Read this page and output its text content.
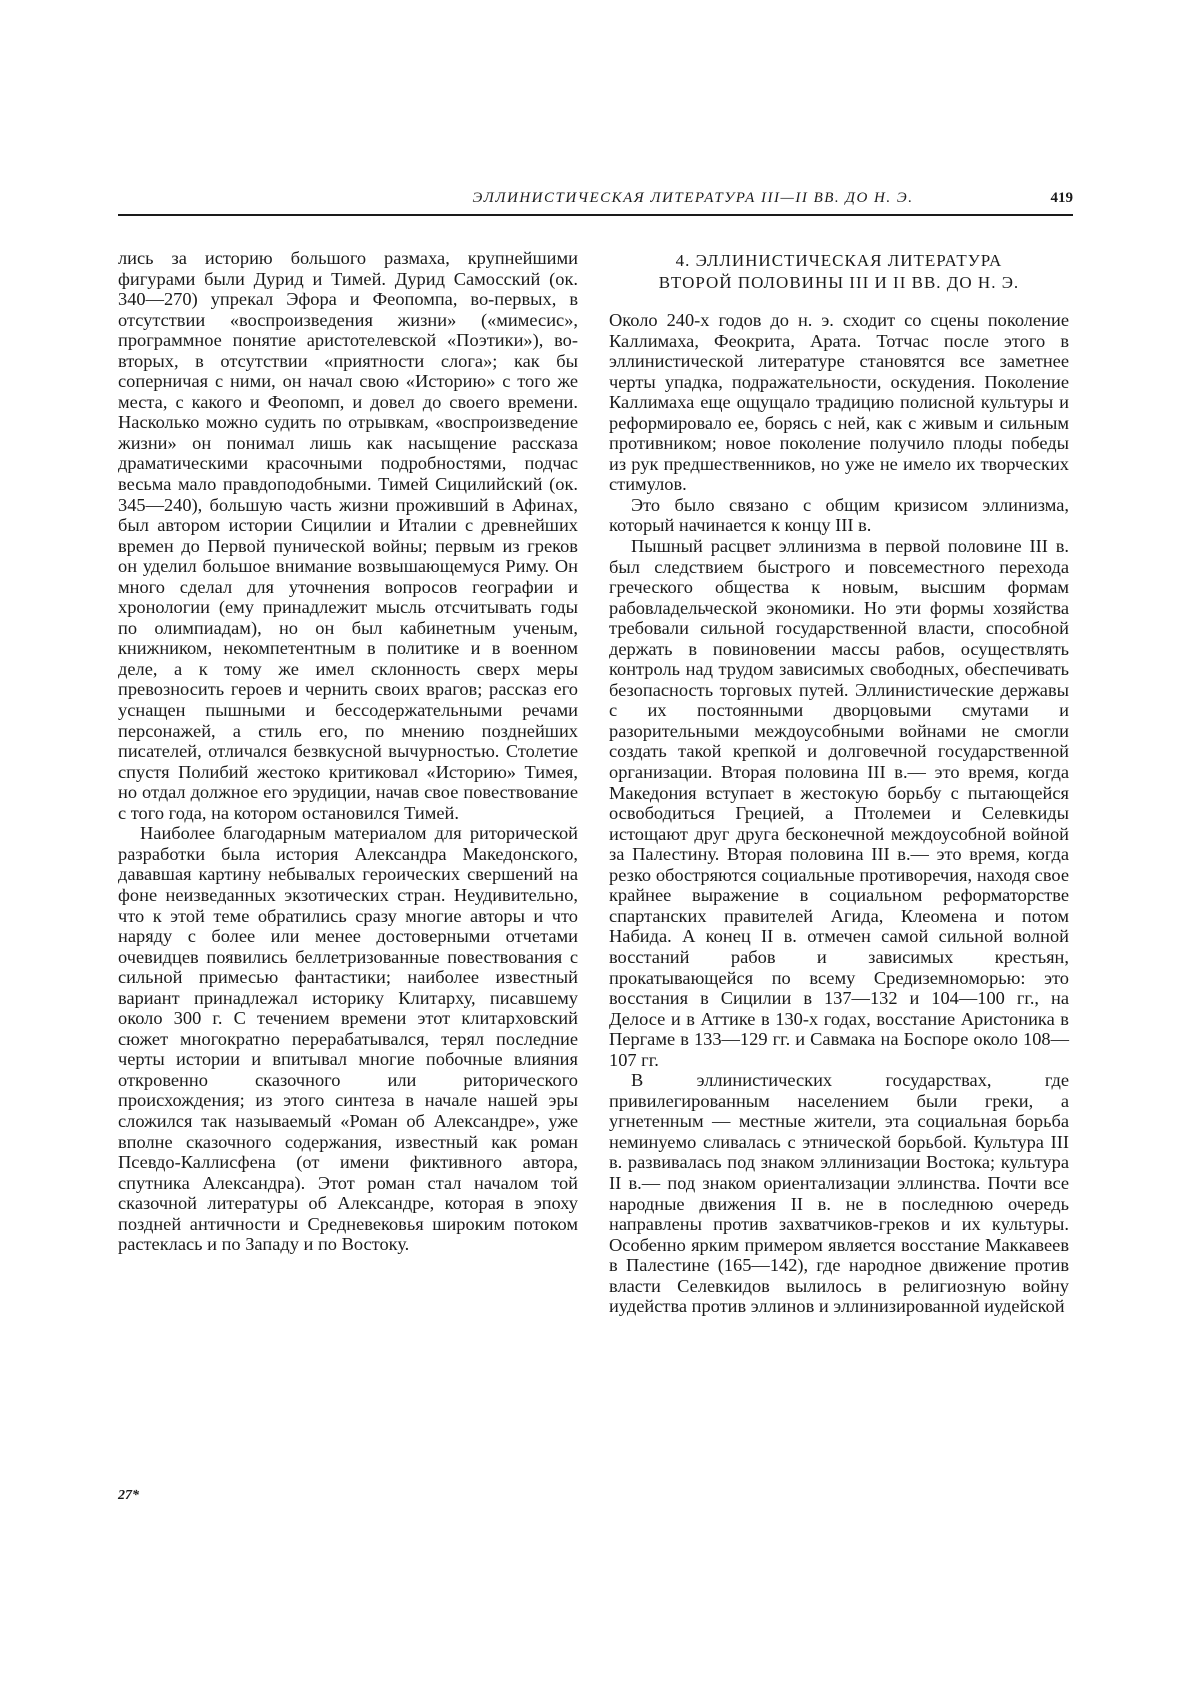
ЭЛЛИНИСТИЧЕСКАЯ ЛИТЕРАТУРА III—II ВВ. ДО Н. Э.	419

лись за историю большого размаха, крупнейшими фигурами были Дурид и Тимей. Дурид Самосский (ок. 340—270) упрекал Эфора и Феопомпа, во-первых, в отсутствии «воспроизведения жизни» («мимесис», программное понятие аристотелевской «Поэтики»), во-вторых, в отсутствии «приятности слога»; как бы соперничая с ними, он начал свою «Историю» с того же места, с какого и Феопомп, и довел до своего времени. Насколько можно судить по отрывкам, «воспроизведение жизни» он понимал лишь как насыщение рассказа драматическими красочными подробностями, подчас весьма мало правдоподобными. Тимей Сицилийский (ок. 345—240), большую часть жизни проживший в Афинах, был автором истории Сицилии и Италии с древнейших времен до Первой пунической войны; первым из греков он уделил большое внимание возвышающемуся Риму. Он много сделал для уточнения вопросов географии и хронологии (ему принадлежит мысль отсчитывать годы по олимпиадам), но он был кабинетным ученым, книжником, некомпетентным в политике и в военном деле, а к тому же имел склонность сверх меры превозносить героев и чернить своих врагов; рассказ его уснащен пышными и бессодержательными речами персонажей, а стиль его, по мнению позднейших писателей, отличался безвкусной вычурностью. Столетие спустя Полибий жестоко критиковал «Историю» Тимея, но отдал должное его эрудиции, начав свое повествование с того года, на котором остановился Тимей.

Наиболее благодарным материалом для риторической разработки была история Александра Македонского, дававшая картину небывалых героических свершений на фоне неизведанных экзотических стран. Неудивительно, что к этой теме обратились сразу многие авторы и что наряду с более или менее достоверными отчетами очевидцев появились беллетризованные повествования с сильной примесью фантастики; наиболее известный вариант принадлежал историку Клитарху, писавшему около 300 г. С течением времени этот клитарховский сюжет многократно перерабатывался, терял последние черты истории и впитывал многие побочные влияния откровенно сказочного или риторического происхождения; из этого синтеза в начале нашей эры сложился так называемый «Роман об Александре», уже вполне сказочного содержания, известный как роман Псевдо-Каллисфена (от имени фиктивного автора, спутника Александра). Этот роман стал началом той сказочной литературы об Александре, которая в эпоху поздней античности и Средневековья широким потоком растеклась и по Западу и по Востоку.

4. ЭЛЛИНИСТИЧЕСКАЯ ЛИТЕРАТУРА
ВТОРОЙ ПОЛОВИНЫ III И II ВВ. ДО Н. Э.

Около 240-х годов до н. э. сходит со сцены поколение Каллимаха, Феокрита, Арата. Тотчас после этого в эллинистической литературе становятся все заметнее черты упадка, подражательности, оскудения. Поколение Каллимаха еще ощущало традицию полисной культуры и реформировало ее, борясь с ней, как с живым и сильным противником; новое поколение получило плоды победы из рук предшественников, но уже не имело их творческих стимулов.

Это было связано с общим кризисом эллинизма, который начинается к концу III в.

Пышный расцвет эллинизма в первой половине III в. был следствием быстрого и повсеместного перехода греческого общества к новым, высшим формам рабовладельческой экономики. Но эти формы хозяйства требовали сильной государственной власти, способной держать в повиновении массы рабов, осуществлять контроль над трудом зависимых свободных, обеспечивать безопасность торговых путей. Эллинистические державы с их постоянными дворцовыми смутами и разорительными междоусобными войнами не смогли создать такой крепкой и долговечной государственной организации. Вторая половина III в.— это время, когда Македония вступает в жестокую борьбу с пытающейся освободиться Грецией, а Птолемеи и Селевкиды истощают друг друга бесконечной междоусобной войной за Палестину. Вторая половина III в.— это время, когда резко обостряются социальные противоречия, находя свое крайнее выражение в социальном реформаторстве спартанских правителей Агида, Клеомена и потом Набида. А конец II в. отмечен самой сильной волной восстаний рабов и зависимых крестьян, прокатывающейся по всему Средиземноморью: это восстания в Сицилии в 137—132 и 104—100 гг., на Делосе и в Аттике в 130-х годах, восстание Аристоника в Пергаме в 133—129 гг. и Савмака на Боспоре около 108—107 гг.

В эллинистических государствах, где привилегированным населением были греки, а угнетенным — местные жители, эта социальная борьба неминуемо сливалась с этнической борьбой. Культура III в. развивалась под знаком эллинизации Востока; культура II в.— под знаком ориентализации эллинства. Почти все народные движения II в. не в последнюю очередь направлены против захватчиков-греков и их культуры. Особенно ярким примером является восстание Маккавеев в Палестине (165—142), где народное движение против власти Селевкидов вылилось в религиозную войну иудейства против эллинов и эллинизированной иудейской

27*
